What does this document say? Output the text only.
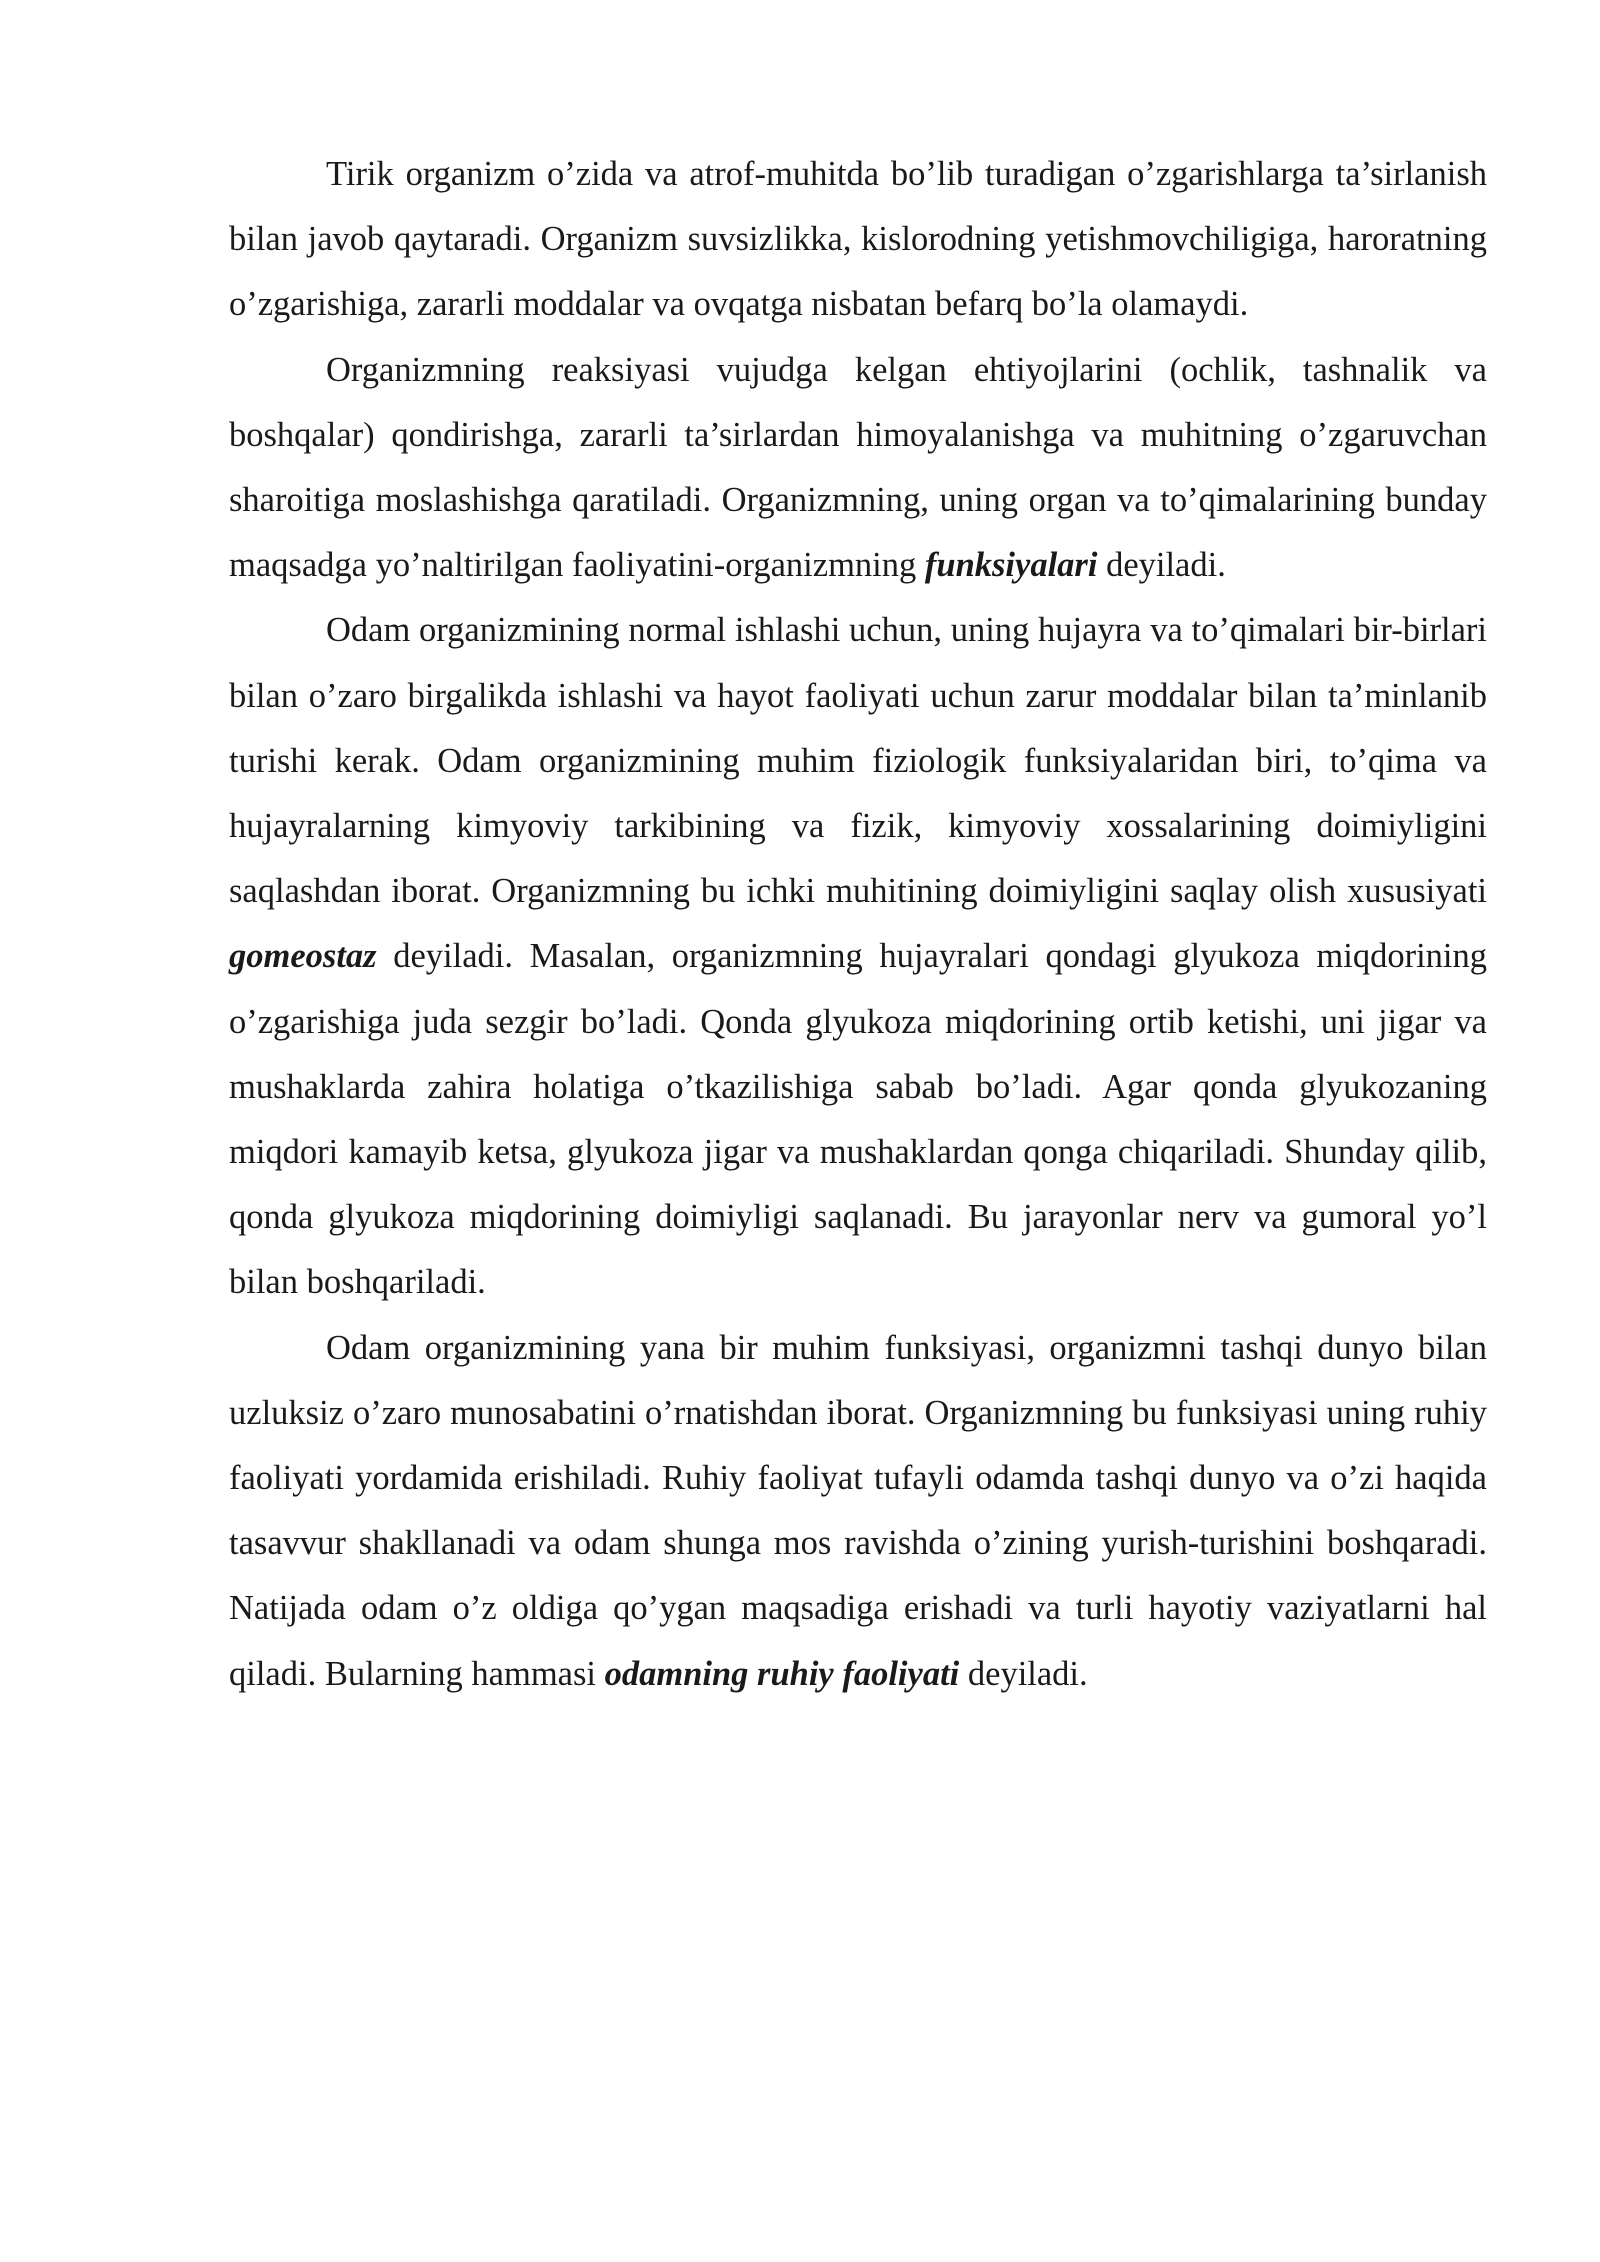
Tirik organizm o’zida va atrof-muhitda bo’lib turadigan o’zgarishlarga ta’sirlanish bilan javob qaytaradi. Organizm suvsizlikka, kislorodning yetishmovchiligiga, haroratning o’zgarishiga, zararli moddalar va ovqatga nisbatan befarq bo’la olamaydi.

Organizmning reaksiyasi vujudga kelgan ehtiyojlarini (ochlik, tashnalik va boshqalar) qondirishga, zararli ta’sirlardan himoyalanishga va muhitning o’zgaruvchan sharoitiga moslashishga qaratiladi. Organizmning, uning organ va to’qimalarining bunday maqsadga yo’naltirilgan faoliyatini-organizmning funksiyalari deyiladi.

Odam organizmining normal ishlashi uchun, uning hujayra va to’qimalari bir-birlari bilan o’zaro birgalikda ishlashi va hayot faoliyati uchun zarur moddalar bilan ta’minlanib turishi kerak. Odam organizmining muhim fiziologik funksiyalaridan biri, to’qima va hujayralarning kimyoviy tarkibining va fizik, kimyoviy xossalarining doimiyligini saqlashdan iborat. Organizmning bu ichki muhitining doimiyligini saqlay olish xususiyati gomeostaz deyiladi. Masalan, organizmning hujayralari qondagi glyukoza miqdorining o’zgarishiga juda sezgir bo’ladi. Qonda glyukoza miqdorining ortib ketishi, uni jigar va mushaklarda zahira holatiga o’tkazilishiga sabab bo’ladi. Agar qonda glyukozaning miqdori kamayib ketsa, glyukoza jigar va mushaklardan qonga chiqariladi. Shunday qilib, qonda glyukoza miqdorining doimiyligi saqlanadi. Bu jarayonlar nerv va gumoral yo’l bilan boshqariladi.

Odam organizmining yana bir muhim funksiyasi, organizmni tashqi dunyo bilan uzluksiz o’zaro munosabatini o’rnatishdan iborat. Organizmning bu funksiyasi uning ruhiy faoliyati yordamida erishiladi. Ruhiy faoliyat tufayli odamda tashqi dunyo va o’zi haqida tasavvur shakllanadi va odam shunga mos ravishda o’zining yurish-turishini boshqaradi. Natijada odam o’z oldiga qo’ygan maqsadiga erishadi va turli hayotiy vaziyatlarni hal qiladi. Bularning hammasi odamning ruhiy faoliyati deyiladi.
